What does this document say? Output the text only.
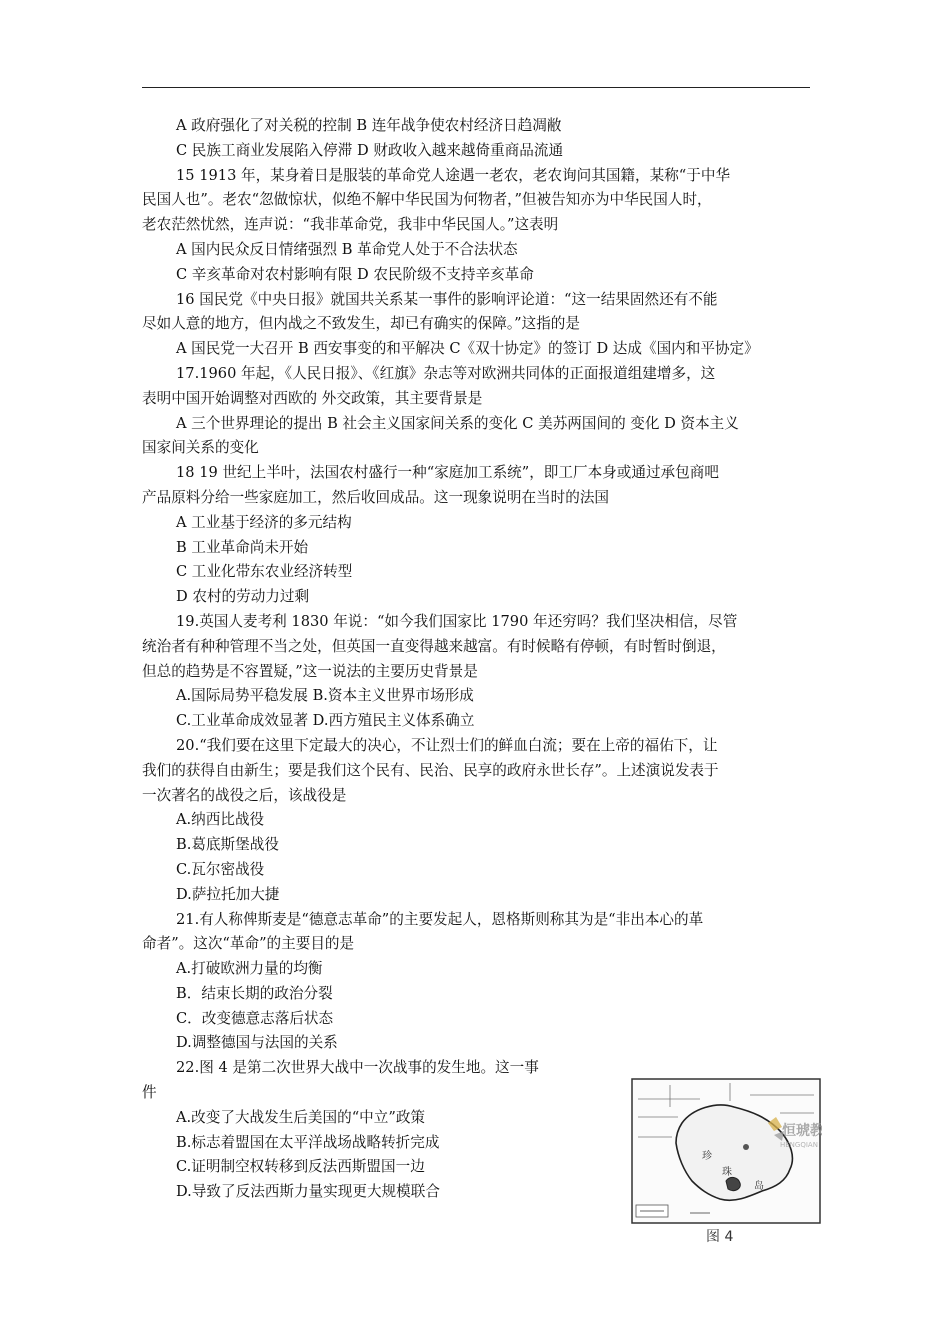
A 政府强化了对关税的控制 B 连年战争使农村经济日趋凋敝
C 民族工商业发展陷入停滞 D 财政收入越来越倚重商品流通
15 1913 年，某身着日是服装的革命党人途遇一老农，老农询问其国籍，某称“于中华
民国人也”。老农“忽做惊状，似绝不解中华民国为何物者，”但被告知亦为中华民国人时，
老农茫然忧然，连声说：“我非革命党，我非中华民国人。”这表明
A 国内民众反日情绪强烈 B 革命党人处于不合法状态
C 辛亥革命对农村影响有限 D 农民阶级不支持辛亥革命
16 国民党《中央日报》就国共关系某一事件的影响评论道：“这一结果固然还有不能
尽如人意的地方，但内战之不致发生，却已有确实的保障。”这指的是
A 国民党一大召开 B 西安事变的和平解决 C《双十协定》的签订 D 达成《国内和平协定》
17.1960 年起，《人民日报》、《红旗》杂志等对欧洲共同体的正面报道组建增多，这
表明中国开始调整对西欧的 外交政策，其主要背景是
A 三个世界理论的提出 B 社会主义国家间关系的变化 C 美苏两国间的 变化 D 资本主义
国家间关系的变化
18 19 世纪上半叶，法国农村盛行一种“家庭加工系统”，即工厂本身或通过承包商吧
产品原料分给一些家庭加工，然后收回成品。这一现象说明在当时的法国
A 工业基于经济的多元结构
B 工业革命尚未开始
C 工业化带东农业经济转型
D 农村的劳动力过剩
19.英国人麦考利 1830 年说：“如今我们国家比 1790 年还穷吗？我们坚决相信，尽管
统治者有种种管理不当之处，但英国一直变得越来越富。有时候略有停顿，有时暂时倒退，
但总的趋势是不容置疑，”这一说法的主要历史背景是
A.国际局势平稳发展 B.资本主义世界市场形成
C.工业革命成效显著 D.西方殖民主义体系确立
20.“我们要在这里下定最大的决心，不让烈士们的鲜血白流；要在上帝的福佑下，让
我们的获得自由新生；要是我们这个民有、民治、民享的政府永世长存”。上述演说发表于
一次著名的战役之后，该战役是
A.纳西比战役
B.葛底斯堡战役
C.瓦尔密战役
D.萨拉托加大捷
21.有人称俾斯麦是“德意志革命”的主要发起人，恩格斯则称其为是“非出本心的革
命者”。这次“革命”的主要目的是
A.打破欧洲力量的均衡
B．结束长期的政治分裂
C．改变德意志落后状态
D.调整德国与法国的关系
22.图 4 是第二次世界大战中一次战事的发生地。这一事
件
A.改变了大战发生后美国的“中立”政策
B.标志着盟国在太平洋战场战略转折完成
C.证明制空权转移到反法西斯盟国一边
D.导致了反法西斯力量实现更大规模联合
珍
珠
岛
恒琥教
HENGQIAN
图 4
